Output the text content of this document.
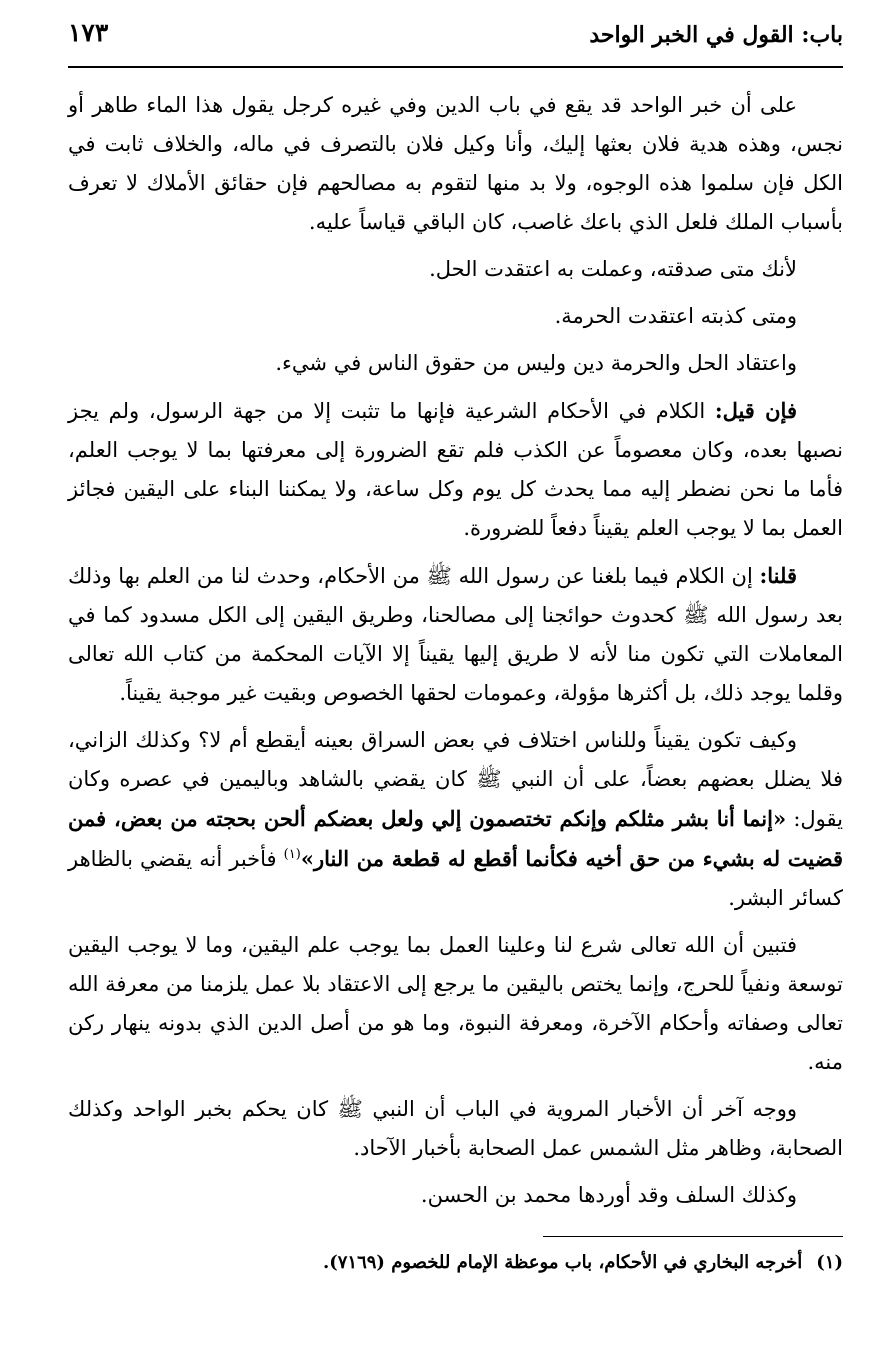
باب: القول في الخبر الواحد
١٧٣

على أن خبر الواحد قد يقع في باب الدين وفي غيره كرجل يقول هذا الماء طاهر أو نجس، وهذه هدية فلان بعثها إليك، وأنا وكيل فلان بالتصرف في ماله، والخلاف ثابت في الكل فإن سلموا هذه الوجوه، ولا بد منها لتقوم به مصالحهم فإن حقائق الأملاك لا تعرف بأسباب الملك فلعل الذي باعك غاصب، كان الباقي قياساً عليه.

لأنك متى صدقته، وعملت به اعتقدت الحل.

ومتى كذبته اعتقدت الحرمة.

واعتقاد الحل والحرمة دين وليس من حقوق الناس في شيء.

فإن قيل: الكلام في الأحكام الشرعية فإنها ما تثبت إلا من جهة الرسول، ولم يجز نصبها بعده، وكان معصوماً عن الكذب فلم تقع الضرورة إلى معرفتها بما لا يوجب العلم، فأما ما نحن نضطر إليه مما يحدث كل يوم وكل ساعة، ولا يمكننا البناء على اليقين فجائز العمل بما لا يوجب العلم يقيناً دفعاً للضرورة.

قلنا: إن الكلام فيما بلغنا عن رسول الله ﷺ من الأحكام، وحدث لنا من العلم بها وذلك بعد رسول الله ﷺ كحدوث حوائجنا إلى مصالحنا، وطريق اليقين إلى الكل مسدود كما في المعاملات التي تكون منا لأنه لا طريق إليها يقيناً إلا الآيات المحكمة من كتاب الله تعالى وقلما يوجد ذلك، بل أكثرها مؤولة، وعمومات لحقها الخصوص وبقيت غير موجبة يقيناً.

وكيف تكون يقيناً وللناس اختلاف في بعض السراق بعينه أيقطع أم لا؟ وكذلك الزاني، فلا يضلل بعضهم بعضاً، على أن النبي ﷺ كان يقضي بالشاهد وباليمين في عصره وكان يقول: «إنما أنا بشر مثلكم وإنكم تختصمون إلي ولعل بعضكم ألحن بحجته من بعض، فمن قضيت له بشيء من حق أخيه فكأنما أقطع له قطعة من النار»$^{(١)}$ فأخبر أنه يقضي بالظاهر كسائر البشر.

فتبين أن الله تعالى شرع لنا وعلينا العمل بما يوجب علم اليقين، وما لا يوجب اليقين توسعة ونفياً للحرج، وإنما يختص باليقين ما يرجع إلى الاعتقاد بلا عمل يلزمنا من معرفة الله تعالى وصفاته وأحكام الآخرة، ومعرفة النبوة، وما هو من أصل الدين الذي بدونه ينهار ركن منه.

ووجه آخر أن الأخبار المروية في الباب أن النبي ﷺ كان يحكم بخبر الواحد وكذلك الصحابة، وظاهر مثل الشمس عمل الصحابة بأخبار الآحاد.

وكذلك السلف وقد أوردها محمد بن الحسن.

(١)أخرجه البخاري في الأحكام، باب موعظة الإمام للخصوم (٧١٦٩).
